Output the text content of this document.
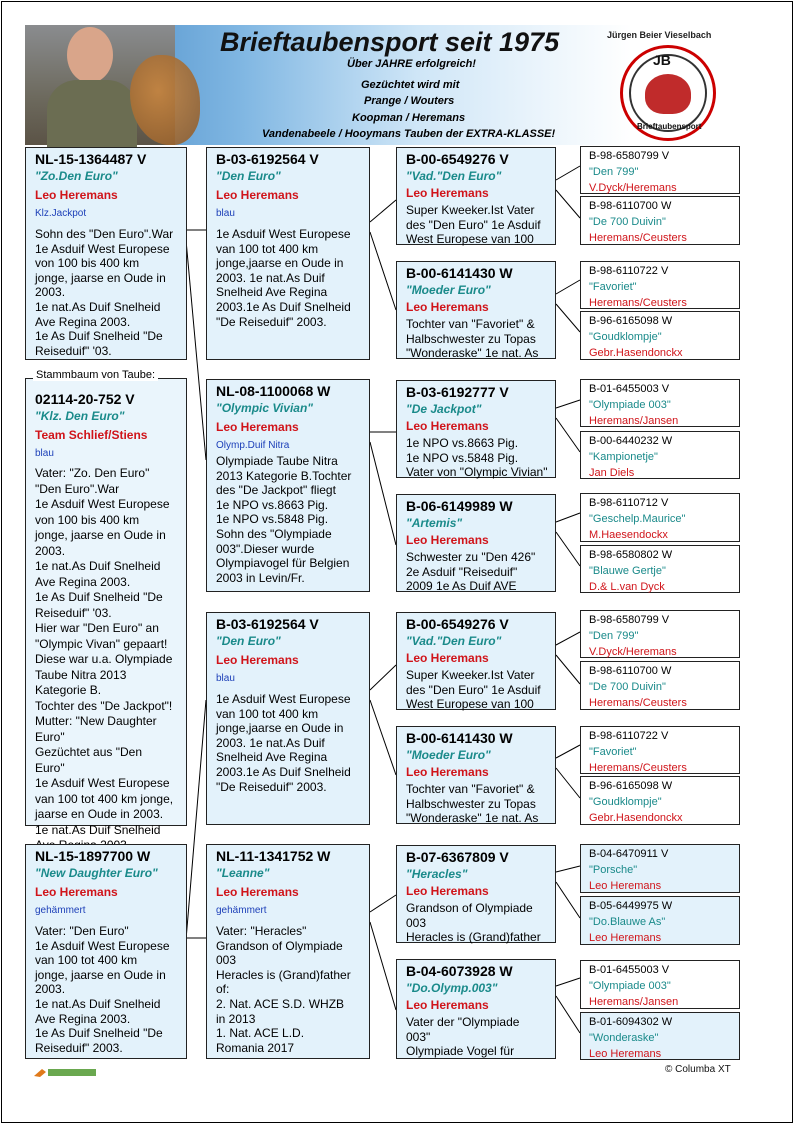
Brieftaubensport seit 1975
Über JAHRE erfolgreich!
Gezüchtet wird mit
Prange / Wouters
Koopman / Heremans
Vandenabeele / Hooymans Tauben der EXTRA-KLASSE!
Jürgen Beier Vieselbach
JB
Brieftaubensport
NL-15-1364487 V
"Zo.Den Euro"
Leo Heremans
Klz.Jackpot
Sohn des "Den Euro".War
1e Asduif West Europese
von 100 bis 400 km
jonge, jaarse en Oude in
2003.
1e nat.As Duif Snelheid
Ave Regina 2003.
1e As Duif Snelheid "De
Reiseduif" '03.
02114-20-752 V
"Klz. Den Euro"
Team Schlief/Stiens
blau
Vater: "Zo. Den Euro"
"Den Euro".War
1e Asduif West Europese
von 100 bis 400 km
jonge, jaarse en Oude in
2003.
1e nat.As Duif Snelheid
Ave Regina 2003.
1e As Duif Snelheid "De
Reiseduif" '03.
Hier war "Den Euro" an
"Olympic Vivan" gepaart!
Diese war u.a. Olympiade
Taube Nitra 2013
Kategorie B.
Tochter des "De Jackpot"!
Mutter: "New Daughter
Euro"
Gezüchtet aus "Den
Euro"
1e Asduif West Europese
van 100 tot 400 km jonge,
jaarse en Oude in 2003.
1e nat.As Duif Snelheid

Stammbaum von Taube:
NL-15-1897700 W
"New Daughter Euro"
Leo Heremans
gehämmert
Vater: "Den Euro"
1e Asduif West Europese
van 100 tot 400 km
jonge, jaarse en Oude in
2003.
1e nat.As Duif Snelheid
Ave Regina 2003.
1e As Duif Snelheid "De
Reiseduif" 2003.
B-03-6192564 V
"Den Euro"
Leo Heremans
blau
1e Asduif West Europese
van 100 tot 400 km
jonge,jaarse en Oude in
2003. 1e nat.As Duif
Snelheid Ave Regina
2003.1e As Duif Snelheid
"De Reiseduif" 2003.
NL-08-1100068 W
"Olympic Vivian"
Leo Heremans
Olymp.Duif Nitra
Olympiade Taube Nitra
2013 Kategorie B.Tochter
des "De Jackpot" fliegt
1e NPO vs.8663 Pig.
1e NPO vs.5848 Pig.
Sohn des "Olympiade
003".Dieser wurde
Olympiavogel für Belgien
2003 in Levin/Fr.
B-03-6192564 V
"Den Euro"
Leo Heremans
blau
1e Asduif West Europese
van 100 tot 400 km
jonge,jaarse en Oude in
2003. 1e nat.As Duif
Snelheid Ave Regina
2003.1e As Duif Snelheid
"De Reiseduif" 2003.
NL-11-1341752 W
"Leanne"
Leo Heremans
gehämmert
Vater: "Heracles"
Grandson of Olympiade
003
Heracles is (Grand)father
of:
2. Nat. ACE S.D. WHZB
in 2013
1. Nat. ACE L.D.
Romania 2017
B-00-6549276 V
"Vad."Den Euro"
Leo Heremans
Super Kweeker.Ist Vater
des "Den Euro" 1e Asduif
West Europese van 100
B-00-6141430 W
"Moeder Euro"
Leo Heremans
Tochter van "Favoriet" &
Halbschwester zu Topas
"Wonderaske" 1e nat. As
B-03-6192777 V
"De Jackpot"
Leo Heremans
1e NPO vs.8663 Pig.
1e NPO vs.5848 Pig.
Vater von "Olympic Vivian"
B-06-6149989 W
"Artemis"
Leo Heremans
Schwester zu "Den 426"
2e Asduif "Reiseduif"
2009 1e As Duif AVE
B-00-6549276 V
"Vad."Den Euro"
Leo Heremans
Super Kweeker.Ist Vater
des "Den Euro" 1e Asduif
West Europese van 100
B-00-6141430 W
"Moeder Euro"
Leo Heremans
Tochter van "Favoriet" &
Halbschwester zu Topas
"Wonderaske" 1e nat. As
B-07-6367809 V
"Heracles"
Leo Heremans
Grandson of Olympiade
003
Heracles is (Grand)father
B-04-6073928 W
"Do.Olymp.003"
Leo Heremans
Vater der "Olympiade
003"
Olympiade Vogel für
B-98-6580799 V
"Den 799"
V.Dyck/Heremans
B-98-6110700 W
"De 700 Duivin"
Heremans/Ceusters
B-98-6110722 V
"Favoriet"
Heremans/Ceusters
B-96-6165098 W
"Goudklompje"
Gebr.Hasendonckx
B-01-6455003 V
"Olympiade 003"
Heremans/Jansen
B-00-6440232 W
"Kampionetje"
Jan Diels
B-98-6110712 V
"Geschelp.Maurice"
M.Haesendockx
B-98-6580802 W
"Blauwe Gertje"
D.& L.van Dyck
B-98-6580799 V
"Den 799"
V.Dyck/Heremans
B-98-6110700 W
"De 700 Duivin"
Heremans/Ceusters
B-98-6110722 V
"Favoriet"
Heremans/Ceusters
B-96-6165098 W
"Goudklompje"
Gebr.Hasendonckx
B-04-6470911 V
"Porsche"
Leo Heremans
B-05-6449975 W
"Do.Blauwe As"
Leo Heremans
B-01-6455003 V
"Olympiade 003"
Heremans/Jansen
B-01-6094302 W
"Wonderaske"
Leo Heremans
© Columba XT
